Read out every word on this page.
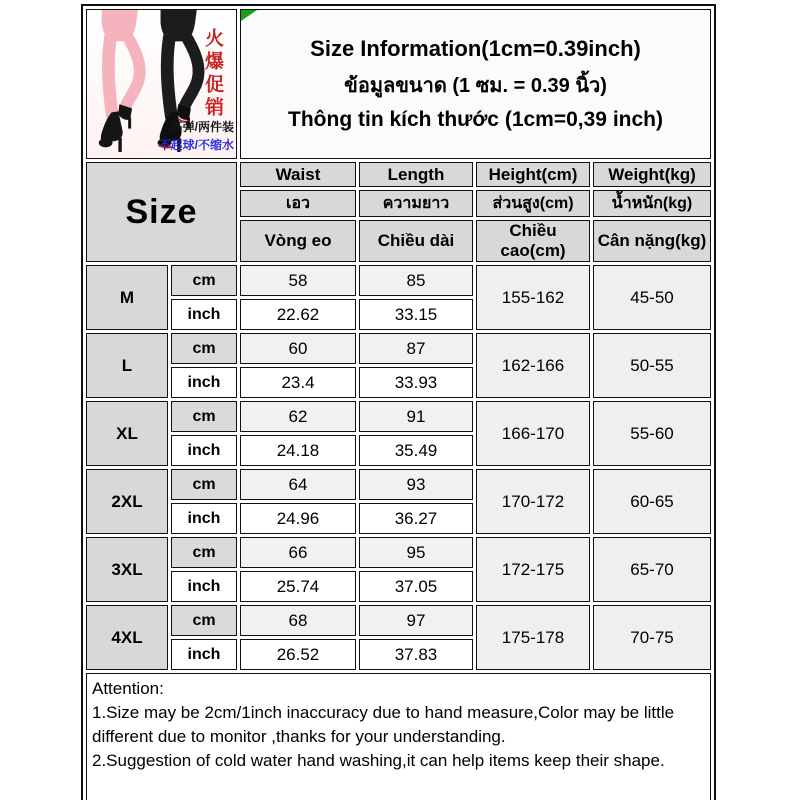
火爆促销
高弹/两件装
不起球/不缩水

Size Information(1cm=0.39inch)
ข้อมูลขนาด (1 ซม. = 0.39 นิ้ว)
Thông tin kích thước (1cm=0,39 inch)

Size		Waist	Length	Height(cm)	Weight(kg)
		เอว	ความยาว	ส่วนสูง(cm)	น้ำหนัก(kg)
		Vòng eo	Chiều dài	Chiều cao(cm)	Cân nặng(kg)
M	cm	58	85	155-162	45-50
	inch	22.62	33.15		
L	cm	60	87	162-166	50-55
	inch	23.4	33.93		
XL	cm	62	91	166-170	55-60
	inch	24.18	35.49		
2XL	cm	64	93	170-172	60-65
	inch	24.96	36.27		
3XL	cm	66	95	172-175	65-70
	inch	25.74	37.05		
4XL	cm	68	97	175-178	70-75
	inch	26.52	37.83		

Attention:
1.Size may be 2cm/1inch inaccuracy due to hand measure,Color may be little different due to monitor ,thanks for your understanding.
2.Suggestion of cold water hand washing,it can help items keep their shape.					
